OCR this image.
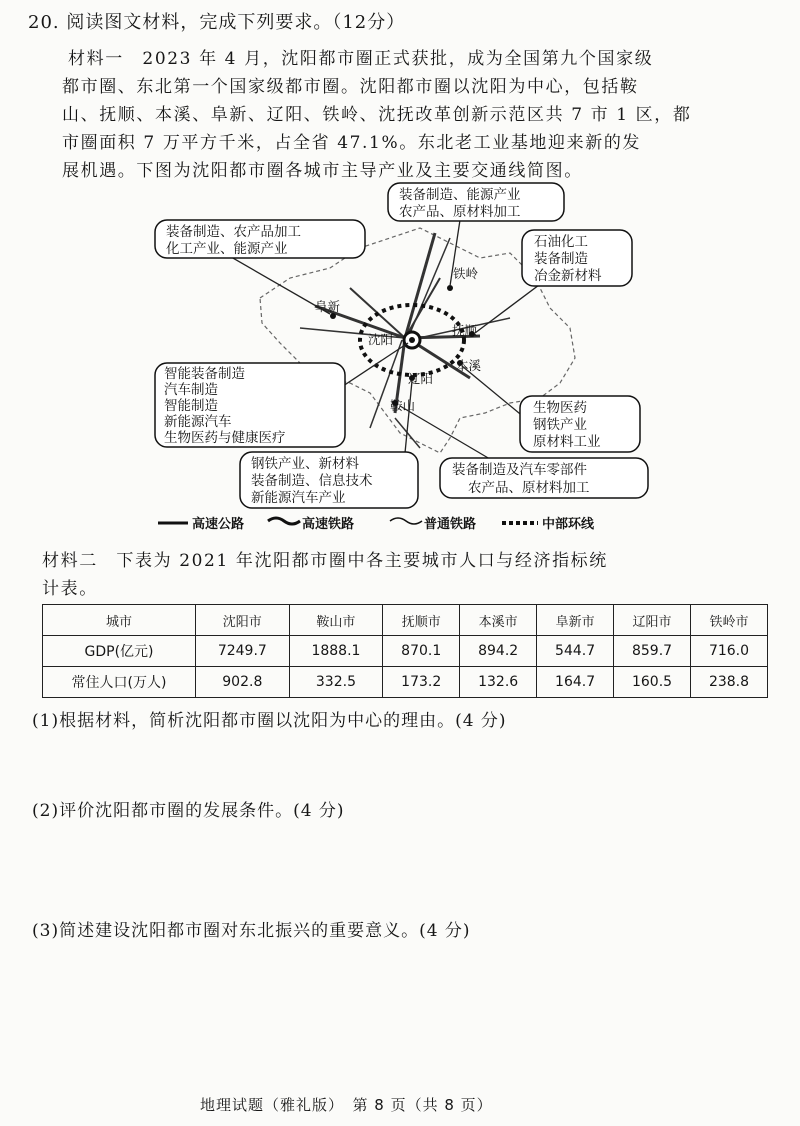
20. 阅读图文材料，完成下列要求。（12分）
材料一　2023 年 4 月，沈阳都市圈正式获批，成为全国第九个国家级
都市圈、东北第一个国家级都市圈。沈阳都市圈以沈阳为中心，包括鞍
山、抚顺、本溪、阜新、辽阳、铁岭、沈抚改革创新示范区共 7 市 1 区，都
市圈面积 7 万平方千米，占全省 47.1%。东北老工业基地迎来新的发
展机遇。下图为沈阳都市圈各城市主导产业及主要交通线简图。
铁岭
阜新
沈阳
抚顺
本溪
辽阳
鞍山
装备制造、能源产业
农产品、原材料加工
装备制造、农产品加工
化工产业、能源产业	石油化工
装备制造
冶金新材料
智能装备制造
汽车制造
智能制造
新能源汽车
生物医药与健康医疗
生物医药
钢铁产业
原材料工业
钢铁产业、新材料
装备制造、信息技术
新能源汽车产业
装备制造及汽车零部件
农产品、原材料加工
高速公路	高速铁路	普通铁路	中部环线
材料二　下表为 2021 年沈阳都市圈中各主要城市人口与经济指标统
计表。
城市	沈阳市	鞍山市	抚顺市	本溪市	阜新市	辽阳市	铁岭市
GDP(亿元)	7249.7	1888.1	870.1	894.2	544.7	859.7	716.0
常住人口(万人)	902.8	332.5	173.2	132.6	164.7	160.5	238.8
(1)根据材料，简析沈阳都市圈以沈阳为中心的理由。(4 分)
(2)评价沈阳都市圈的发展条件。(4 分)
(3)简述建设沈阳都市圈对东北振兴的重要意义。(4 分)
地理试题（雅礼版）　第 8 页（共 8 页）
